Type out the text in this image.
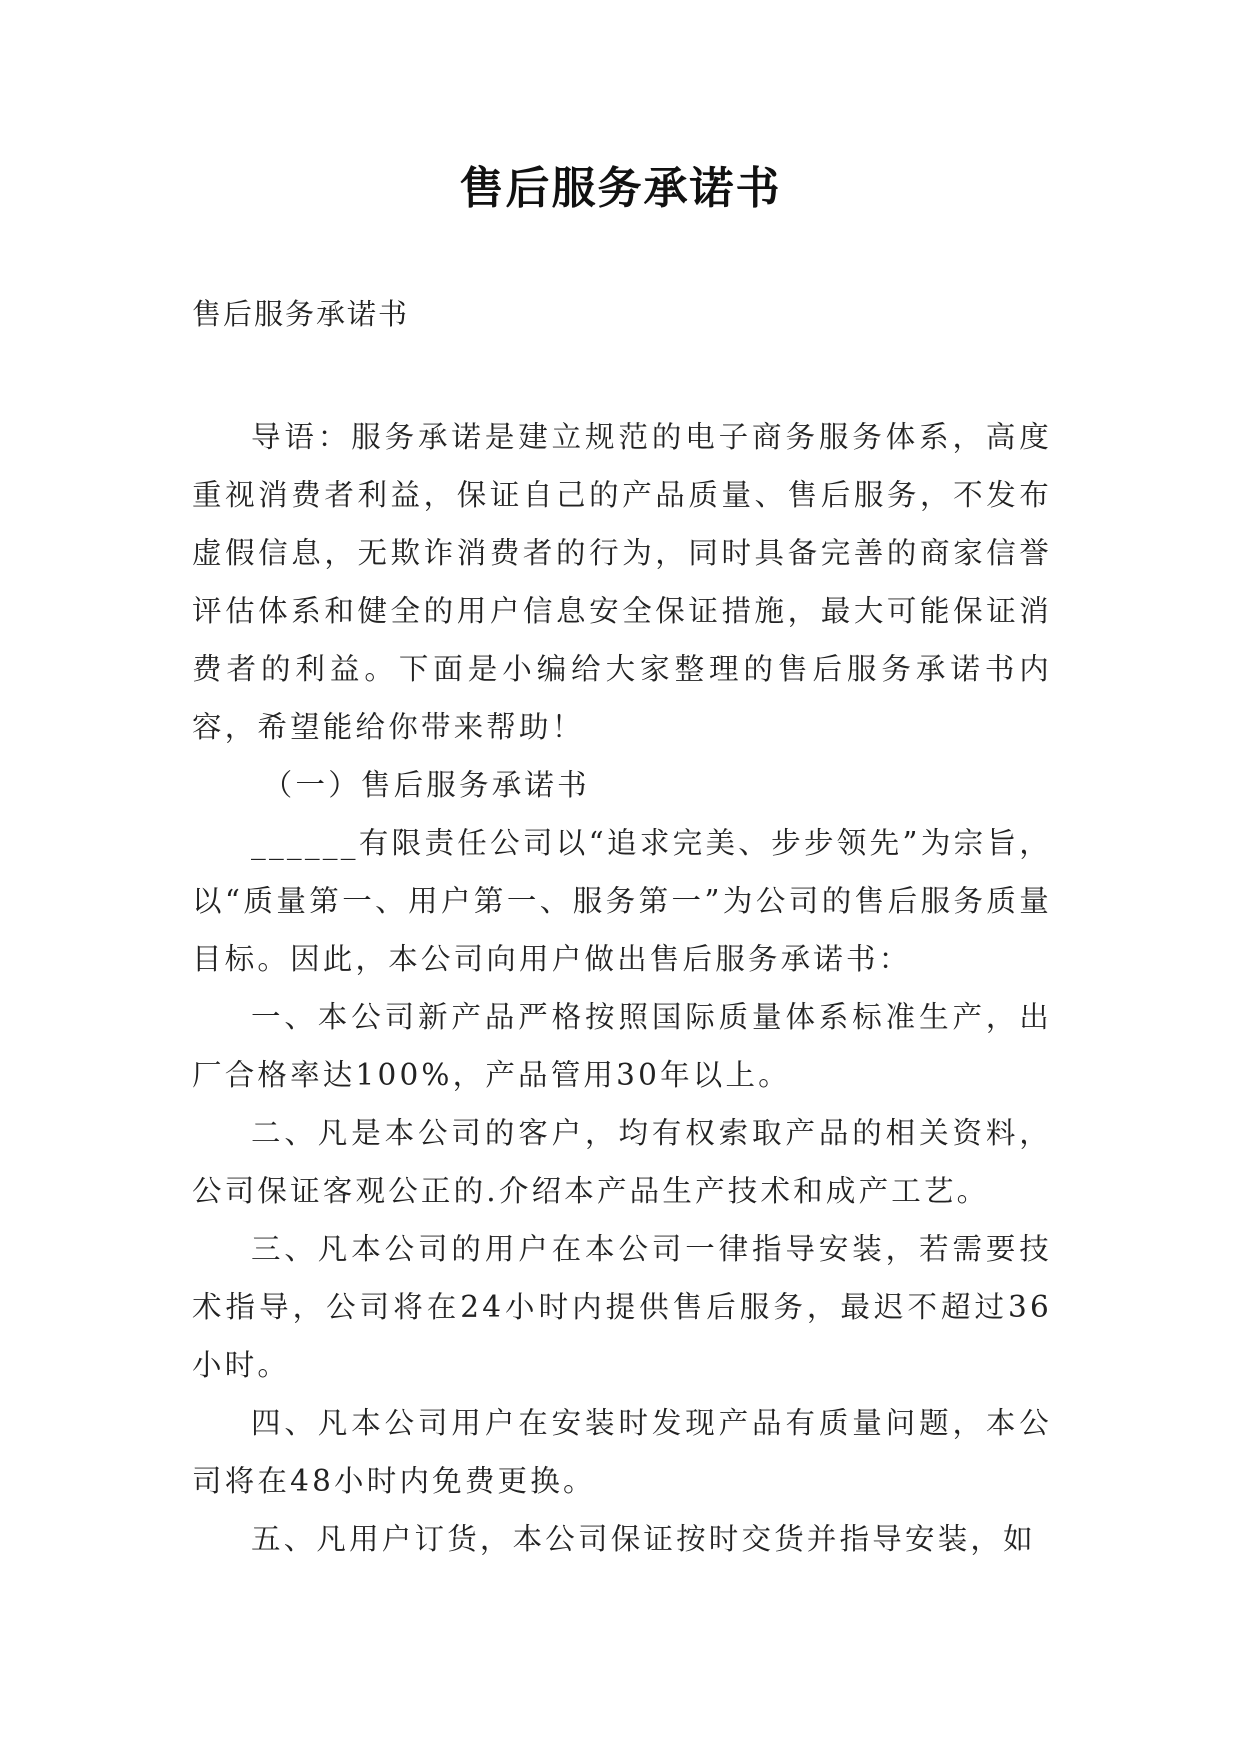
售后服务承诺书
售后服务承诺书

导语：服务承诺是建立规范的电子商务服务体系，高度重视消费者利益，保证自己的产品质量、售后服务，不发布虚假信息，无欺诈消费者的行为，同时具备完善的商家信誉评估体系和健全的用户信息安全保证措施，最大可能保证消费者的利益。下面是小编给大家整理的售后服务承诺书内容，希望能给你带来帮助！

（一）售后服务承诺书

______有限责任公司以“追求完美、步步领先”为宗旨，以“质量第一、用户第一、服务第一”为公司的售后服务质量目标。因此，本公司向用户做出售后服务承诺书：

一、本公司新产品严格按照国际质量体系标准生产，出厂合格率达100%，产品管用30年以上。

二、凡是本公司的客户，均有权索取产品的相关资料，公司保证客观公正的.介绍本产品生产技术和成产工艺。

三、凡本公司的用户在本公司一律指导安装，若需要技术指导，公司将在24小时内提供售后服务，最迟不超过36小时。

四、凡本公司用户在安装时发现产品有质量问题，本公司将在48小时内免费更换。

五、凡用户订货，本公司保证按时交货并指导安装，如
